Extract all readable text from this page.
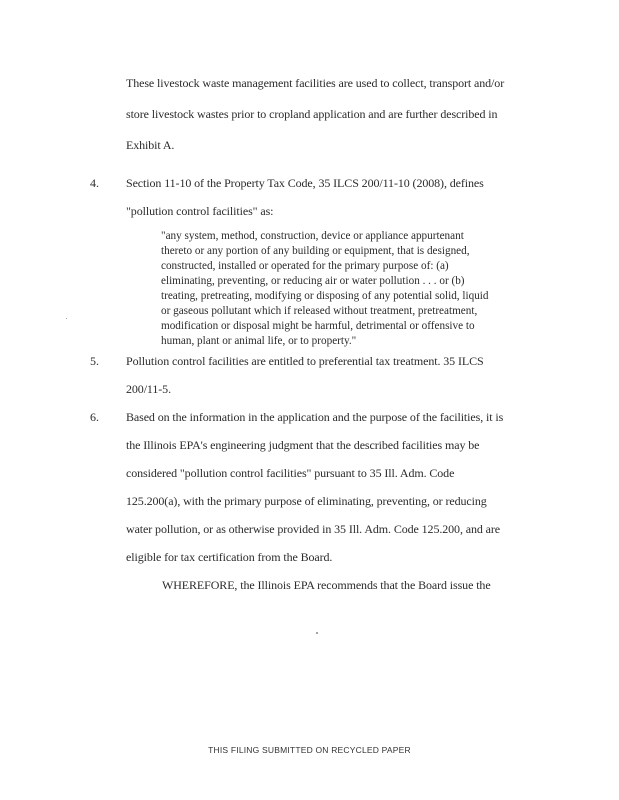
These livestock waste management facilities are used to collect, transport and/or
store livestock wastes prior to cropland application and are further described in
Exhibit A.
4. Section 11-10 of the Property Tax Code, 35 ILCS 200/11-10 (2008), defines
"pollution control facilities" as:
"any system, method, construction, device or appliance appurtenant
thereto or any portion of any building or equipment, that is designed,
constructed, installed or operated for the primary purpose of: (a)
eliminating, preventing, or reducing air or water pollution . . . or (b)
treating, pretreating, modifying or disposing of any potential solid, liquid
or gaseous pollutant which if released without treatment, pretreatment,
modification or disposal might be harmful, detrimental or offensive to
human, plant or animal life, or to property."
5. Pollution control facilities are entitled to preferential tax treatment. 35 ILCS
200/11-5.
6. Based on the information in the application and the purpose of the facilities, it is
the Illinois EPA's engineering judgment that the described facilities may be
considered "pollution control facilities" pursuant to 35 Ill. Adm. Code
125.200(a), with the primary purpose of eliminating, preventing, or reducing
water pollution, or as otherwise provided in 35 Ill. Adm. Code 125.200, and are
eligible for tax certification from the Board.
WHEREFORE, the Illinois EPA recommends that the Board issue the
THIS FILING SUBMITTED ON RECYCLED PAPER
